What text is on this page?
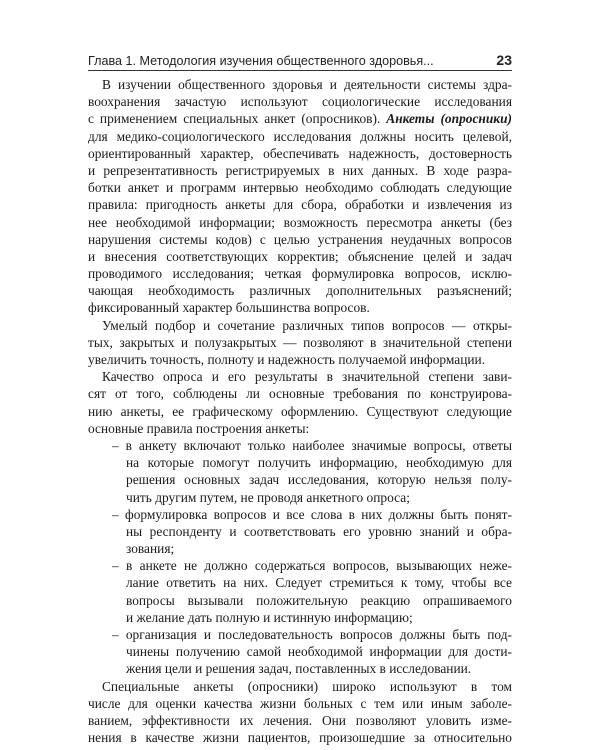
Глава 1. Методология изучения общественного здоровья...	23
В изучении общественного здоровья и деятельности системы здра-
воохранения зачастую используют социологические исследования
с применением специальных анкет (опросников). Анкеты (опросники)
для медико-социологического исследования должны носить целевой,
ориентированный характер, обеспечивать надежность, достоверность
и репрезентативность регистрируемых в них данных. В ходе разра-
ботки анкет и программ интервью необходимо соблюдать следующие
правила: пригодность анкеты для сбора, обработки и извлечения из
нее необходимой информации; возможность пересмотра анкеты (без
нарушения системы кодов) с целью устранения неудачных вопросов
и внесения соответствующих корректив; объяснение целей и задач
проводимого исследования; четкая формулировка вопросов, исклю-
чающая необходимость различных дополнительных разъяснений;
фиксированный характер большинства вопросов.
Умелый подбор и сочетание различных типов вопросов — откры-
тых, закрытых и полузакрытых — позволяют в значительной степени
увеличить точность, полноту и надежность получаемой информации.
Качество опроса и его результаты в значительной степени зави-
сят от того, соблюдены ли основные требования по конструирова-
нию анкеты, ее графическому оформлению. Существуют следующие
основные правила построения анкеты:
– в анкету включают только наиболее значимые вопросы, ответы
на которые помогут получить информацию, необходимую для
решения основных задач исследования, которую нельзя полу-
чить другим путем, не проводя анкетного опроса;
– формулировка вопросов и все слова в них должны быть понят-
ны респонденту и соответствовать его уровню знаний и обра-
зования;
– в анкете не должно содержаться вопросов, вызывающих неже-
лание ответить на них. Следует стремиться к тому, чтобы все
вопросы вызывали положительную реакцию опрашиваемого
и желание дать полную и истинную информацию;
– организация и последовательность вопросов должны быть под-
чинены получению самой необходимой информации для дости-
жения цели и решения задач, поставленных в исследовании.
Специальные анкеты (опросники) широко используют в том
числе для оценки качества жизни больных с тем или иным заболе-
ванием, эффективности их лечения. Они позволяют уловить изме-
нения в качестве жизни пациентов, произошедшие за относительно
